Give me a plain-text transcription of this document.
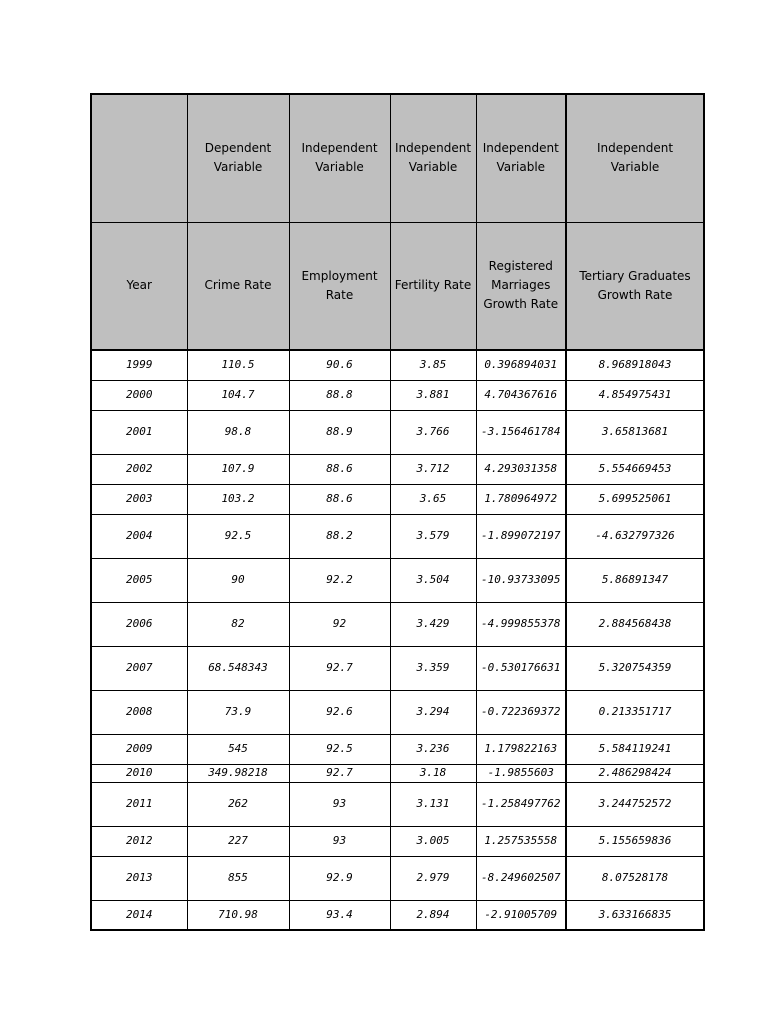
	Dependent Variable	Independent Variable	Independent Variable	Independent Variable	Independent Variable
Year	Crime Rate	Employment Rate	Fertility Rate	Registered Marriages Growth Rate	Tertiary Graduates Growth Rate
1999	110.5	90.6	3.85	0.396894031	8.968918043
2000	104.7	88.8	3.881	4.704367616	4.854975431
2001	98.8	88.9	3.766	-3.156461784	3.65813681
2002	107.9	88.6	3.712	4.293031358	5.554669453
2003	103.2	88.6	3.65	1.780964972	5.699525061
2004	92.5	88.2	3.579	-1.899072197	-4.632797326
2005	90	92.2	3.504	-10.93733095	5.86891347
2006	82	92	3.429	-4.999855378	2.884568438
2007	68.548343	92.7	3.359	-0.530176631	5.320754359
2008	73.9	92.6	3.294	-0.722369372	0.213351717
2009	545	92.5	3.236	1.179822163	5.584119241
2010	349.98218	92.7	3.18	-1.9855603	2.486298424
2011	262	93	3.131	-1.258497762	3.244752572
2012	227	93	3.005	1.257535558	5.155659836
2013	855	92.9	2.979	-8.249602507	8.07528178
2014	710.98	93.4	2.894	-2.91005709	3.633166835
